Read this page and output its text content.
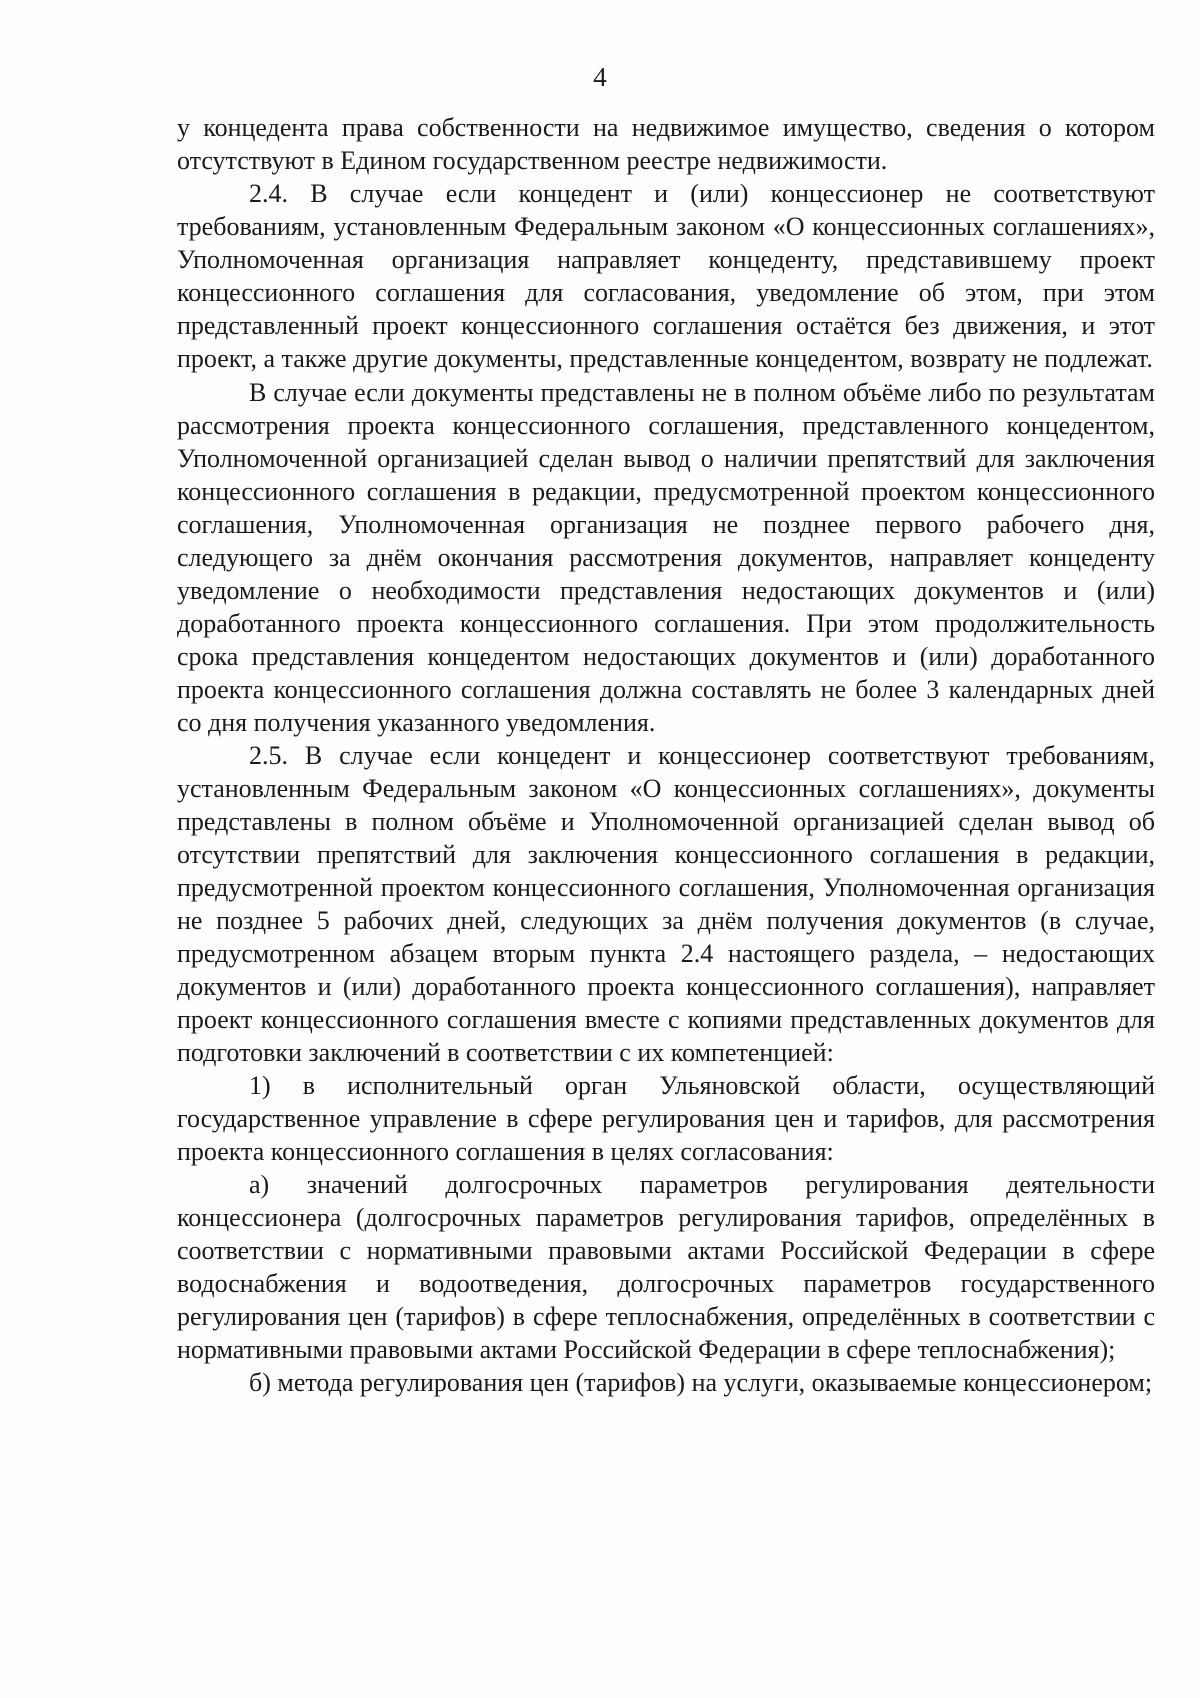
4

у концедента права собственности на недвижимое имущество, сведения о котором отсутствуют в Едином государственном реестре недвижимости.

2.4. В случае если концедент и (или) концессионер не соответствуют требованиям, установленным Федеральным законом «О концессионных соглашениях», Уполномоченная организация направляет концеденту, представившему проект концессионного соглашения для согласования, уведомление об этом, при этом представленный проект концессионного соглашения остаётся без движения, и этот проект, а также другие документы, представленные концедентом, возврату не подлежат.

В случае если документы представлены не в полном объёме либо по результатам рассмотрения проекта концессионного соглашения, представленного концедентом, Уполномоченной организацией сделан вывод о наличии препятствий для заключения концессионного соглашения в редакции, предусмотренной проектом концессионного соглашения, Уполномоченная организация не позднее первого рабочего дня, следующего за днём окончания рассмотрения документов, направляет концеденту уведомление о необходимости представления недостающих документов и (или) доработанного проекта концессионного соглашения. При этом продолжительность срока представления концедентом недостающих документов и (или) доработанного проекта концессионного соглашения должна составлять не более 3 календарных дней со дня получения указанного уведомления.

2.5. В случае если концедент и концессионер соответствуют требованиям, установленным Федеральным законом «О концессионных соглашениях», документы представлены в полном объёме и Уполномоченной организацией сделан вывод об отсутствии препятствий для заключения концессионного соглашения в редакции, предусмотренной проектом концессионного соглашения, Уполномоченная организация не позднее 5 рабочих дней, следующих за днём получения документов (в случае, предусмотренном абзацем вторым пункта 2.4 настоящего раздела, – недостающих документов и (или) доработанного проекта концессионного соглашения), направляет проект концессионного соглашения вместе с копиями представленных документов для подготовки заключений в соответствии с их компетенцией:

1) в исполнительный орган Ульяновской области, осуществляющий государственное управление в сфере регулирования цен и тарифов, для рассмотрения проекта концессионного соглашения в целях согласования:

а) значений долгосрочных параметров регулирования деятельности концессионера (долгосрочных параметров регулирования тарифов, определённых в соответствии с нормативными правовыми актами Российской Федерации в сфере водоснабжения и водоотведения, долгосрочных параметров государственного регулирования цен (тарифов) в сфере теплоснабжения, определённых в соответствии с нормативными правовыми актами Российской Федерации в сфере теплоснабжения);

б) метода регулирования цен (тарифов) на услуги, оказываемые концессионером;
